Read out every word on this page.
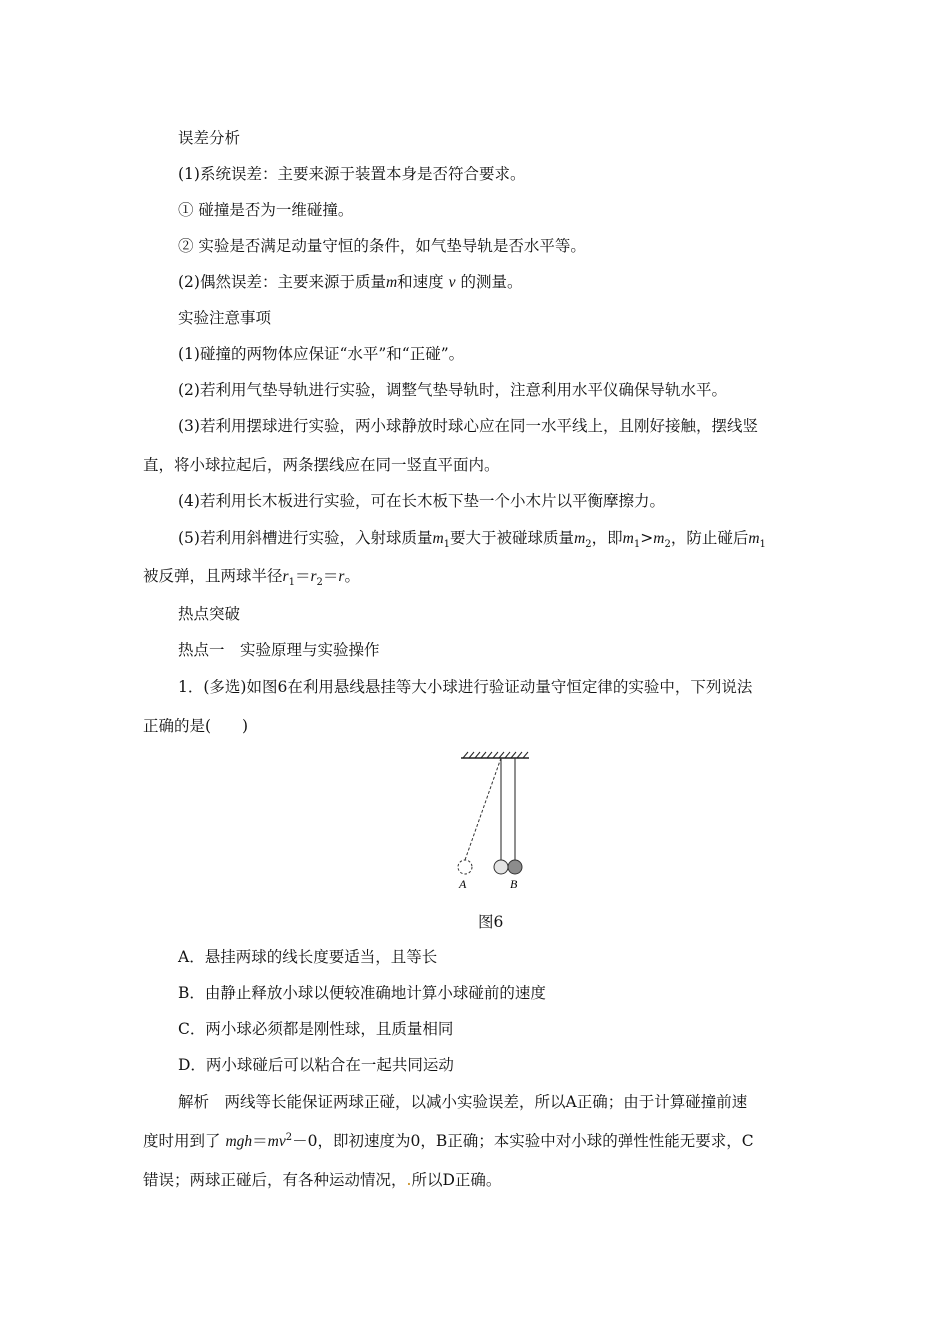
误差分析
(1)系统误差：主要来源于装置本身是否符合要求。
① 碰撞是否为一维碰撞。
② 实验是否满足动量守恒的条件，如气垫导轨是否水平等。
(2)偶然误差：主要来源于质量m和速度 v 的测量。
实验注意事项
(1)碰撞的两物体应保证“水平”和“正碰”。
(2)若利用气垫导轨进行实验，调整气垫导轨时，注意利用水平仪确保导轨水平。
(3)若利用摆球进行实验，两小球静放时球心应在同一水平线上，且刚好接触，摆线竖
直，将小球拉起后，两条摆线应在同一竖直平面内。
(4)若利用长木板进行实验，可在长木板下垫一个小木片以平衡摩擦力。
(5)若利用斜槽进行实验，入射球质量$m_1$要大于被碰球质量$m_2$，即$m_1>m_2$，防止碰后$m_1$
被反弹，且两球半径$r_1=r_2=r$。
热点突破
热点一　实验原理与实验操作
1．(多选)如图6在利用悬线悬挂等大小球进行验证动量守恒定律的实验中，下列说法
正确的是(　　)
A	B
图6
A．悬挂两球的线长度要适当，且等长
B．由静止释放小球以便较准确地计算小球碰前的速度
C．两小球必须都是刚性球，且质量相同
D．两小球碰后可以粘合在一起共同运动
解析　两线等长能保证两球正碰，以减小实验误差，所以A正确；由于计算碰撞前速
度时用到了 $mgh=mv^2-0$，即初速度为0，B正确；本实验中对小球的弹性性能无要求，C
错误；两球正碰后，有各种运动情况，.所以D正确。
